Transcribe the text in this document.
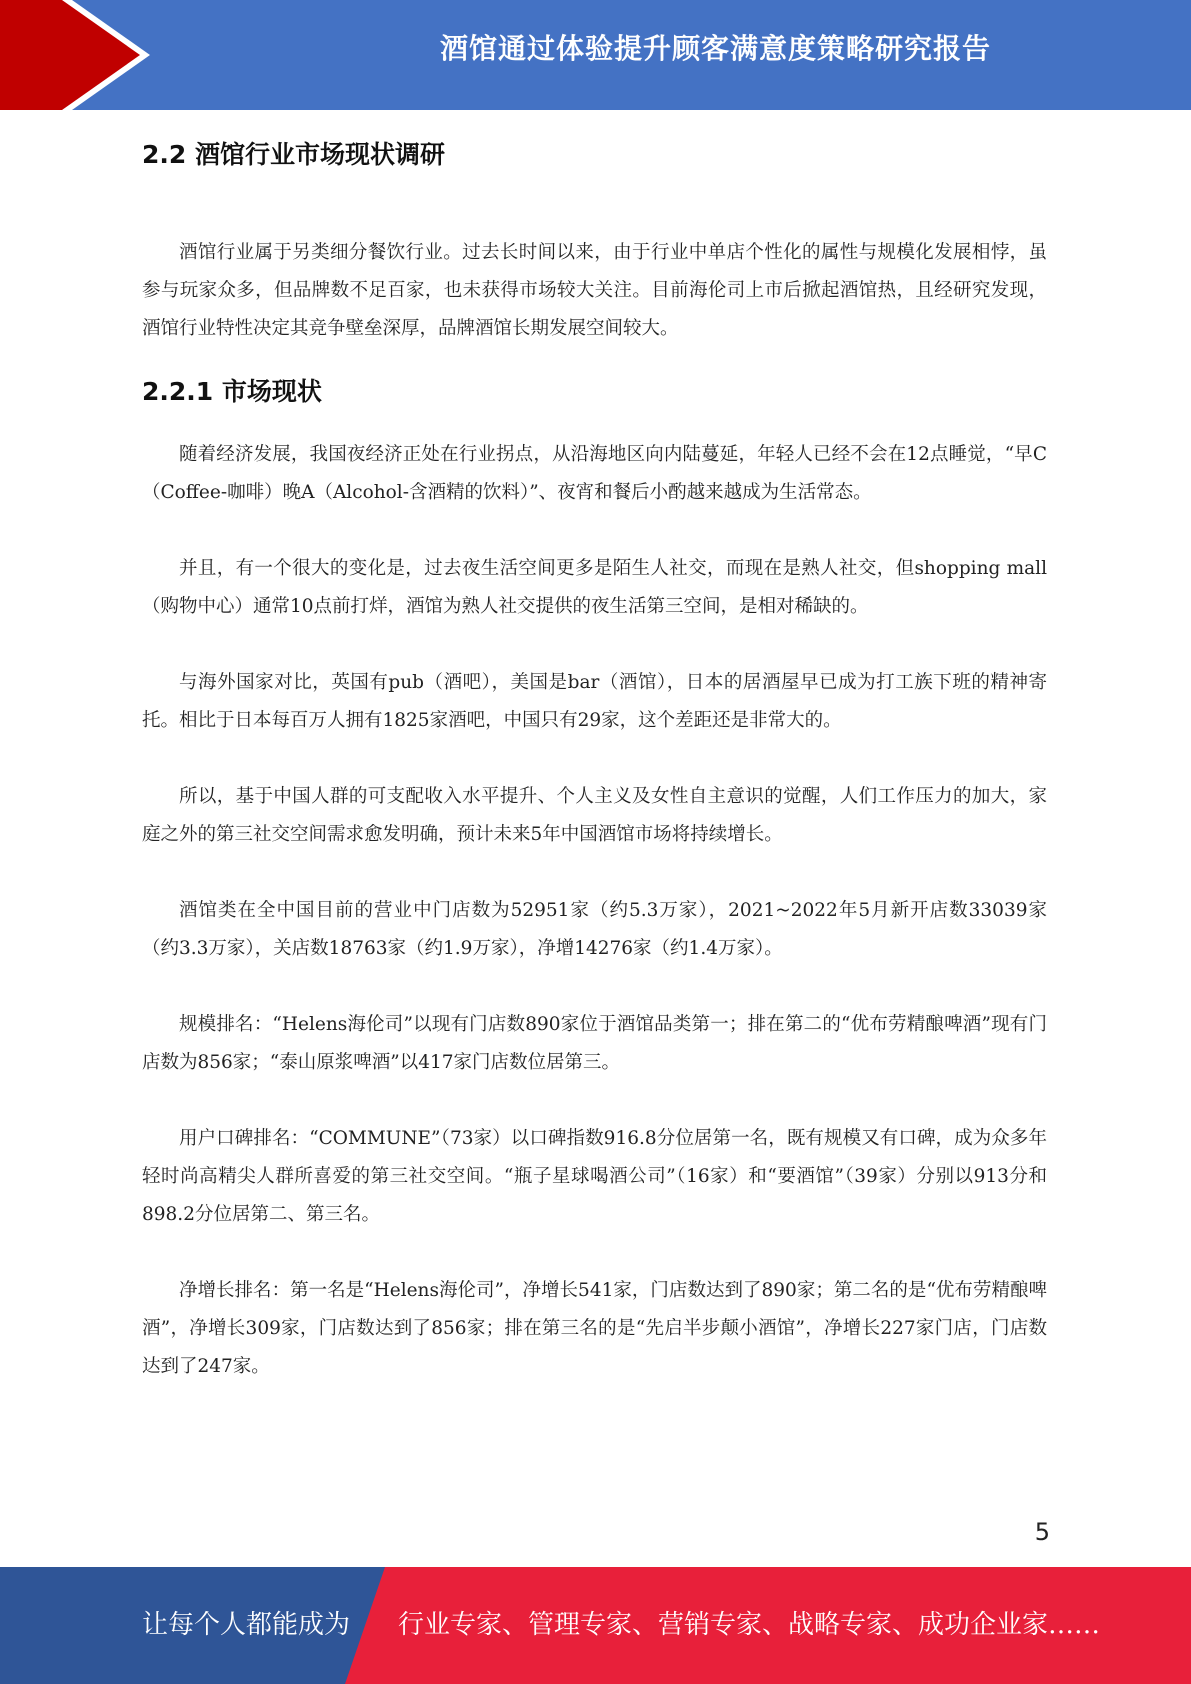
酒馆通过体验提升顾客满意度策略研究报告
2.2 酒馆行业市场现状调研

酒馆行业属于另类细分餐饮行业。过去长时间以来，由于行业中单店个性化的属性与规模化发展相悖，虽参与玩家众多，但品牌数不足百家，也未获得市场较大关注。目前海伦司上市后掀起酒馆热，且经研究发现，酒馆行业特性决定其竞争壁垒深厚，品牌酒馆长期发展空间较大。

2.2.1 市场现状

随着经济发展，我国夜经济正处在行业拐点，从沿海地区向内陆蔓延，年轻人已经不会在12点睡觉，“早C（Coffee-咖啡）晚A（Alcohol-含酒精的饮料）”、夜宵和餐后小酌越来越成为生活常态。

并且，有一个很大的变化是，过去夜生活空间更多是陌生人社交，而现在是熟人社交，但shopping mall（购物中心）通常10点前打烊，酒馆为熟人社交提供的夜生活第三空间，是相对稀缺的。

与海外国家对比，英国有pub（酒吧），美国是bar（酒馆），日本的居酒屋早已成为打工族下班的精神寄托。相比于日本每百万人拥有1825家酒吧，中国只有29家，这个差距还是非常大的。

所以，基于中国人群的可支配收入水平提升、个人主义及女性自主意识的觉醒，人们工作压力的加大，家庭之外的第三社交空间需求愈发明确，预计未来5年中国酒馆市场将持续增长。

酒馆类在全中国目前的营业中门店数为52951家（约5.3万家），2021~2022年5月新开店数33039家（约3.3万家），关店数18763家（约1.9万家），净增14276家（约1.4万家）。

规模排名：“Helens海伦司”以现有门店数890家位于酒馆品类第一；排在第二的“优布劳精酿啤酒”现有门店数为856家；“泰山原浆啤酒”以417家门店数位居第三。

用户口碑排名：“COMMUNE”（73家）以口碑指数916.8分位居第一名，既有规模又有口碑，成为众多年轻时尚高精尖人群所喜爱的第三社交空间。“瓶子星球喝酒公司”（16家）和“要酒馆”（39家）分别以913分和898.2分位居第二、第三名。

净增长排名：第一名是“Helens海伦司”，净增长541家，门店数达到了890家；第二名的是“优布劳精酿啤酒”，净增长309家，门店数达到了856家；排在第三名的是“先启半步颠小酒馆”，净增长227家门店，门店数达到了247家。

5
让每个人都能成为 行业专家、管理专家、营销专家、战略专家、成功企业家……
